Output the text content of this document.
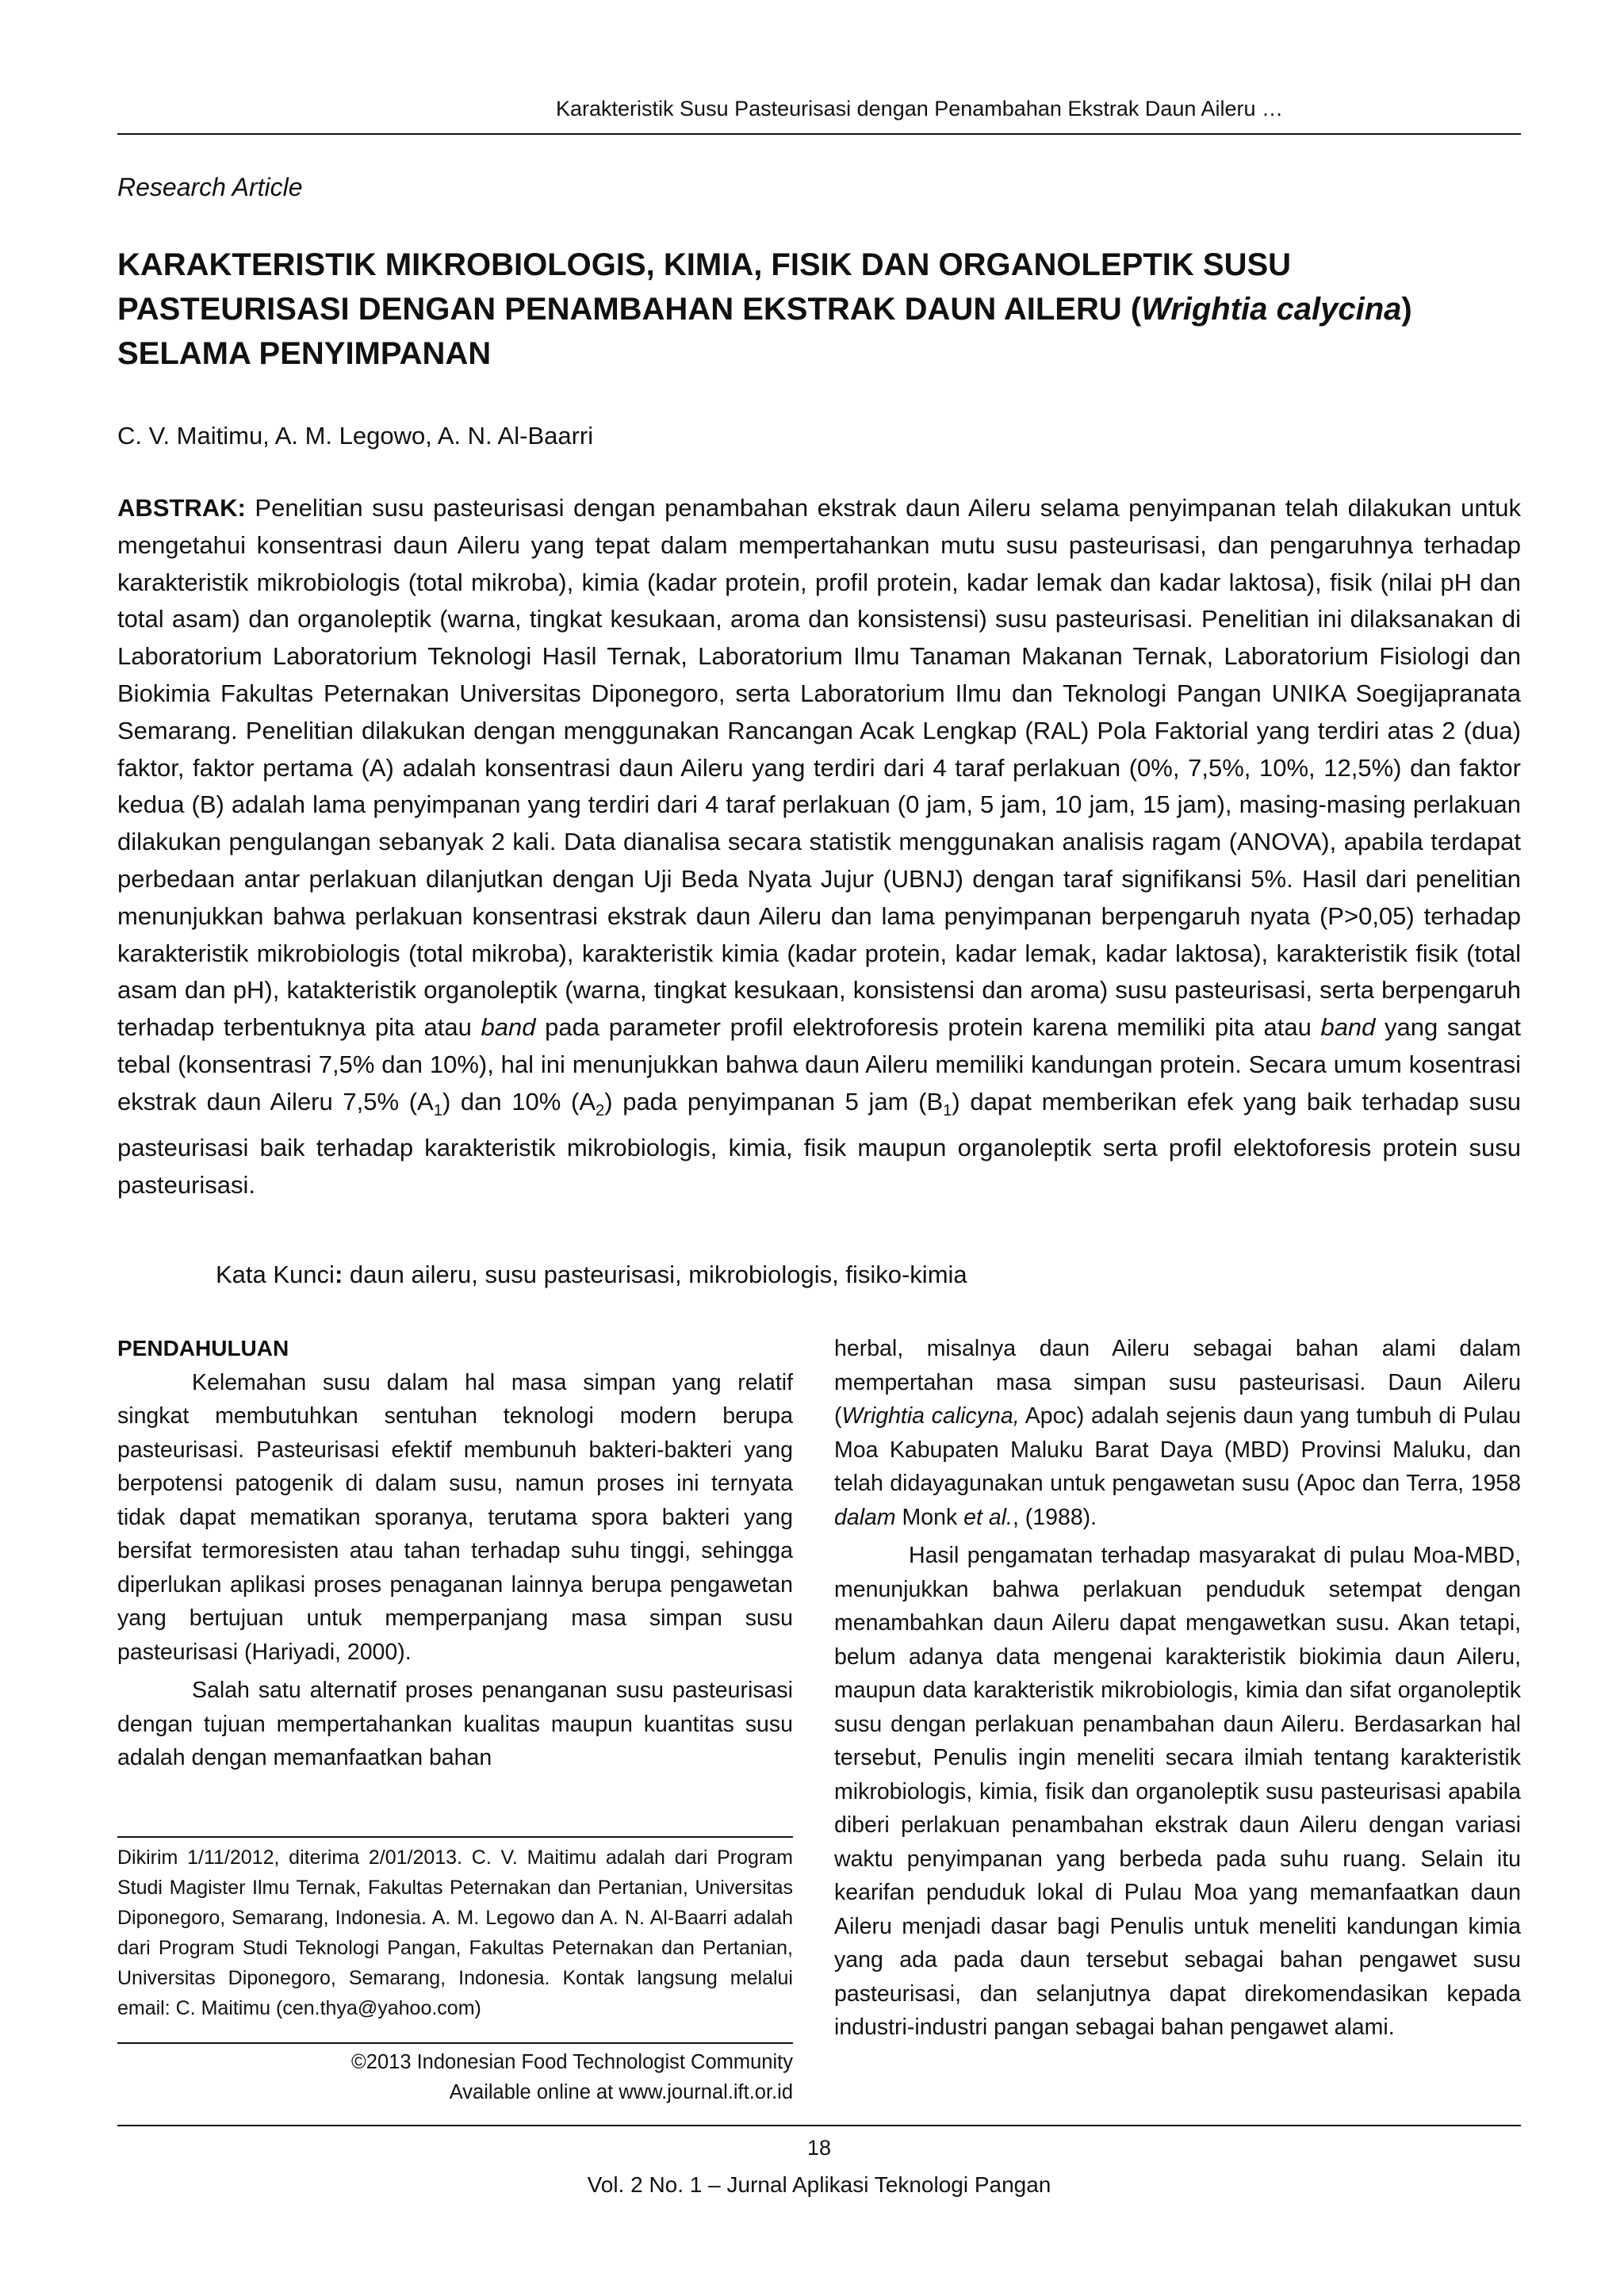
Karakteristik Susu Pasteurisasi dengan Penambahan Ekstrak Daun Aileru …
Research Article
KARAKTERISTIK MIKROBIOLOGIS, KIMIA, FISIK DAN ORGANOLEPTIK SUSU PASTEURISASI DENGAN PENAMBAHAN EKSTRAK DAUN AILERU (Wrightia calycina) SELAMA PENYIMPANAN
C. V. Maitimu, A. M. Legowo, A. N. Al-Baarri
ABSTRAK: Penelitian susu pasteurisasi dengan penambahan ekstrak daun Aileru selama penyimpanan telah dilakukan untuk mengetahui konsentrasi daun Aileru yang tepat dalam mempertahankan mutu susu pasteurisasi, dan pengaruhnya terhadap karakteristik mikrobiologis (total mikroba), kimia (kadar protein, profil protein, kadar lemak dan kadar laktosa), fisik (nilai pH dan total asam) dan organoleptik (warna, tingkat kesukaan, aroma dan konsistensi) susu pasteurisasi. Penelitian ini dilaksanakan di Laboratorium Laboratorium Teknologi Hasil Ternak, Laboratorium Ilmu Tanaman Makanan Ternak, Laboratorium Fisiologi dan Biokimia Fakultas Peternakan Universitas Diponegoro, serta Laboratorium Ilmu dan Teknologi Pangan UNIKA Soegijapranata Semarang. Penelitian dilakukan dengan menggunakan Rancangan Acak Lengkap (RAL) Pola Faktorial yang terdiri atas 2 (dua) faktor, faktor pertama (A) adalah konsentrasi daun Aileru yang terdiri dari 4 taraf perlakuan (0%, 7,5%, 10%, 12,5%) dan faktor kedua (B) adalah lama penyimpanan yang terdiri dari 4 taraf perlakuan (0 jam, 5 jam, 10 jam, 15 jam), masing-masing perlakuan dilakukan pengulangan sebanyak 2 kali. Data dianalisa secara statistik menggunakan analisis ragam (ANOVA), apabila terdapat perbedaan antar perlakuan dilanjutkan dengan Uji Beda Nyata Jujur (UBNJ) dengan taraf signifikansi 5%. Hasil dari penelitian menunjukkan bahwa perlakuan konsentrasi ekstrak daun Aileru dan lama penyimpanan berpengaruh nyata (P>0,05) terhadap karakteristik mikrobiologis (total mikroba), karakteristik kimia (kadar protein, kadar lemak, kadar laktosa), karakteristik fisik (total asam dan pH), katakteristik organoleptik (warna, tingkat kesukaan, konsistensi dan aroma) susu pasteurisasi, serta berpengaruh terhadap terbentuknya pita atau band pada parameter profil elektroforesis protein karena memiliki pita atau band yang sangat tebal (konsentrasi 7,5% dan 10%), hal ini menunjukkan bahwa daun Aileru memiliki kandungan protein. Secara umum kosentrasi ekstrak daun Aileru 7,5% $(A_1)$ dan 10% $(A_2)$ pada penyimpanan 5 jam $(B_1)$ dapat memberikan efek yang baik terhadap susu pasteurisasi baik terhadap karakteristik mikrobiologis, kimia, fisik maupun organoleptik serta profil elektoforesis protein susu pasteurisasi.
Kata Kunci: daun aileru, susu pasteurisasi, mikrobiologis, fisiko-kimia

PENDAHULUAN

Kelemahan susu dalam hal masa simpan yang relatif singkat membutuhkan sentuhan teknologi modern berupa pasteurisasi. Pasteurisasi efektif membunuh bakteri-bakteri yang berpotensi patogenik di dalam susu, namun proses ini ternyata tidak dapat mematikan sporanya, terutama spora bakteri yang bersifat termoresisten atau tahan terhadap suhu tinggi, sehingga diperlukan aplikasi proses penaganan lainnya berupa pengawetan yang bertujuan untuk memperpanjang masa simpan susu pasteurisasi (Hariyadi, 2000).

Salah satu alternatif proses penanganan susu pasteurisasi dengan tujuan mempertahankan kualitas maupun kuantitas susu adalah dengan memanfaatkan bahan

Dikirim 1/11/2012, diterima 2/01/2013. C. V. Maitimu adalah dari Program Studi Magister Ilmu Ternak, Fakultas Peternakan dan Pertanian, Universitas Diponegoro, Semarang, Indonesia. A. M. Legowo dan A. N. Al-Baarri adalah dari Program Studi Teknologi Pangan, Fakultas Peternakan dan Pertanian, Universitas Diponegoro, Semarang, Indonesia. Kontak langsung melalui email: C. Maitimu (cen.thya@yahoo.com)
©2013 Indonesian Food Technologist Community
Available online at www.journal.ift.or.id

herbal, misalnya daun Aileru sebagai bahan alami dalam mempertahan masa simpan susu pasteurisasi. Daun Aileru (Wrightia calicyna, Apoc) adalah sejenis daun yang tumbuh di Pulau Moa Kabupaten Maluku Barat Daya (MBD) Provinsi Maluku, dan telah didayagunakan untuk pengawetan susu (Apoc dan Terra, 1958 dalam Monk et al., (1988).

Hasil pengamatan terhadap masyarakat di pulau Moa-MBD, menunjukkan bahwa perlakuan penduduk setempat dengan menambahkan daun Aileru dapat mengawetkan susu. Akan tetapi, belum adanya data mengenai karakteristik biokimia daun Aileru, maupun data karakteristik mikrobiologis, kimia dan sifat organoleptik susu dengan perlakuan penambahan daun Aileru. Berdasarkan hal tersebut, Penulis ingin meneliti secara ilmiah tentang karakteristik mikrobiologis, kimia, fisik dan organoleptik susu pasteurisasi apabila diberi perlakuan penambahan ekstrak daun Aileru dengan variasi waktu penyimpanan yang berbeda pada suhu ruang. Selain itu kearifan penduduk lokal di Pulau Moa yang memanfaatkan daun Aileru menjadi dasar bagi Penulis untuk meneliti kandungan kimia yang ada pada daun tersebut sebagai bahan pengawet susu pasteurisasi, dan selanjutnya dapat direkomendasikan kepada industri-industri pangan sebagai bahan pengawet alami.

18
Vol. 2 No. 1 – Jurnal Aplikasi Teknologi Pangan
